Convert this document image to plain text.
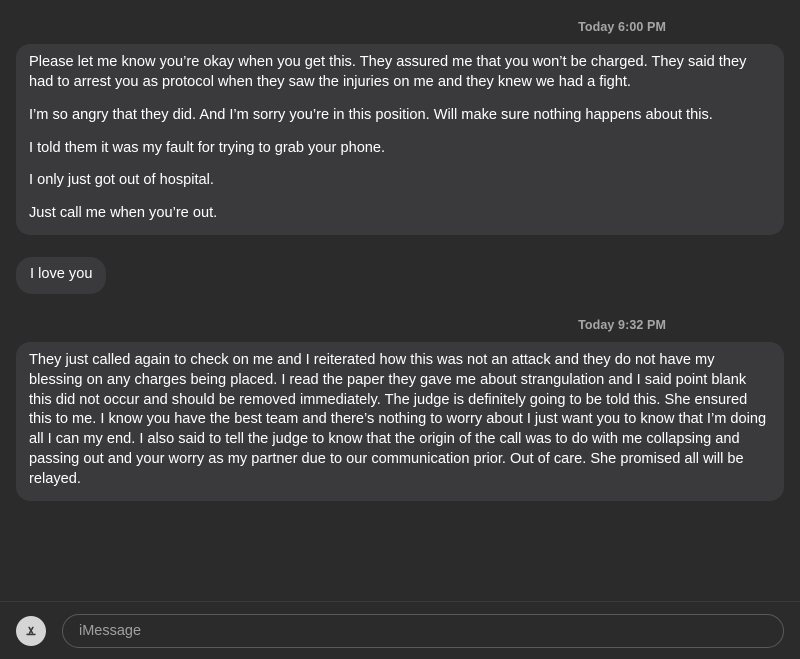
Today 6:00 PM

Please let me know you’re okay when you get this. They assured me that you won’t be charged. They said they had to arrest you as protocol when they saw the injuries on me and they knew we had a fight.

I’m so angry that they did. And I’m sorry you’re in this position. Will make sure nothing happens about this.

I told them it was my fault for trying to grab your phone.

I only just got out of hospital.

Just call me when you’re out.

I love you

Today 9:32 PM

They just called again to check on me and I reiterated how this was not an attack and they do not have my blessing on any charges being placed. I read the paper they gave me about strangulation and I said point blank this did not occur and should be removed immediately. The judge is definitely going to be told this. She ensured this to me. I know you have the best team and there’s nothing to worry about I just want you to know that I’m doing all I can my end. I also said to tell the judge to know that the origin of the call was to do with me collapsing and passing out and your worry as my partner due to our communication prior. Out of care. She promised all will be relayed.

iMessage
